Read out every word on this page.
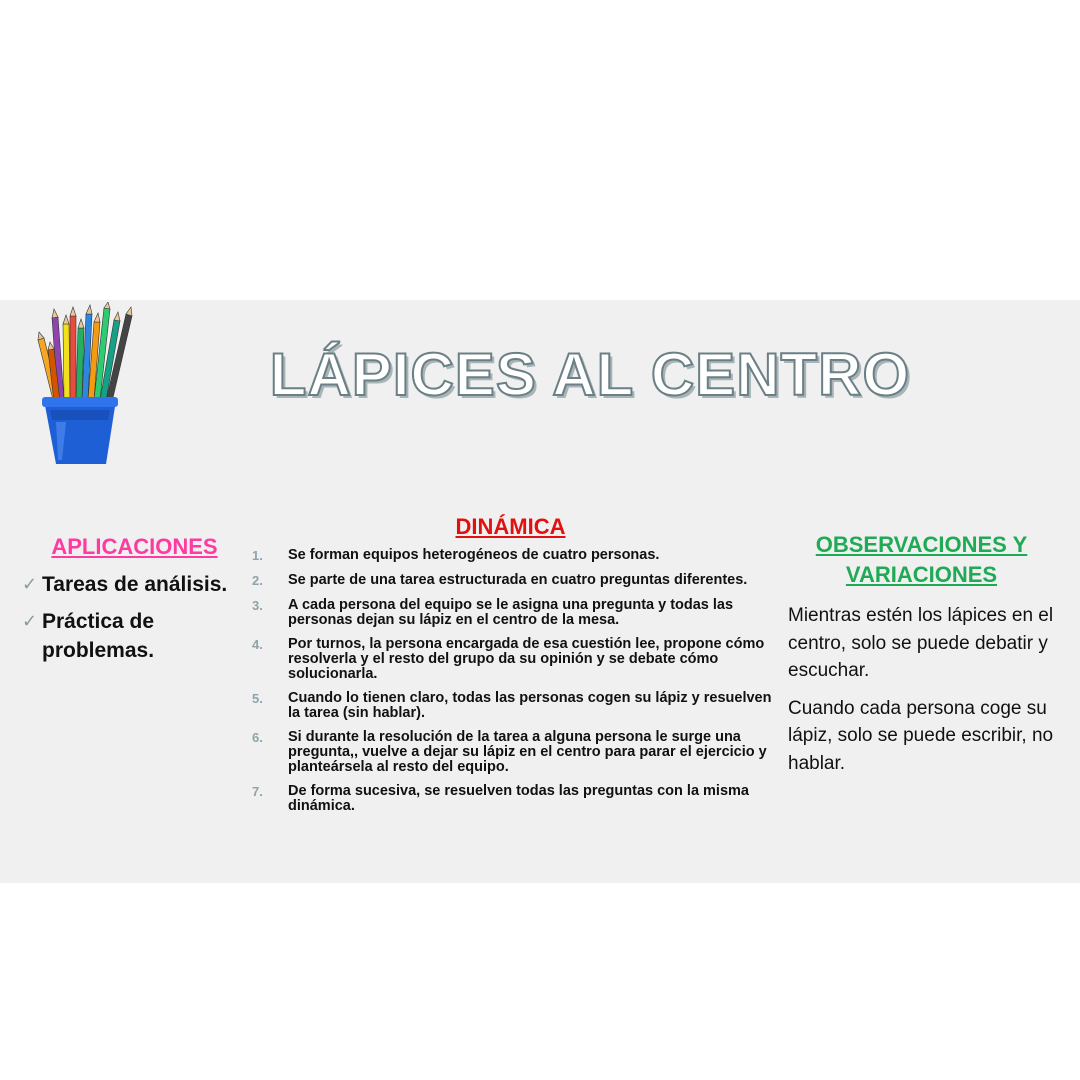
LÁPICES AL CENTRO
APLICACIONES
✓ Tareas de análisis.
✓ Práctica de problemas.
DINÁMICA
1.	Se forman equipos heterogéneos de cuatro personas.
2.	Se parte de una tarea estructurada en cuatro preguntas diferentes.
3.	A cada persona del equipo se le asigna una pregunta y todas las personas dejan su lápiz en el centro de la mesa.
4.	Por turnos, la persona encargada de esa cuestión lee, propone cómo resolverla y el resto del grupo da su opinión y se debate cómo solucionarla.
5.	Cuando lo tienen claro, todas las personas cogen su lápiz y resuelven la tarea (sin hablar).
6.	Si durante la resolución de la tarea a alguna persona le surge una pregunta,, vuelve a dejar su lápiz en el centro para parar el ejercicio y planteársela al resto del equipo.
7.	De forma sucesiva, se resuelven todas las preguntas con la misma dinámica.
OBSERVACIONES Y
VARIACIONES

Mientras estén los lápices en el centro, solo se puede debatir y escuchar.

Cuando cada persona coge su lápiz, solo se puede escribir, no hablar.
